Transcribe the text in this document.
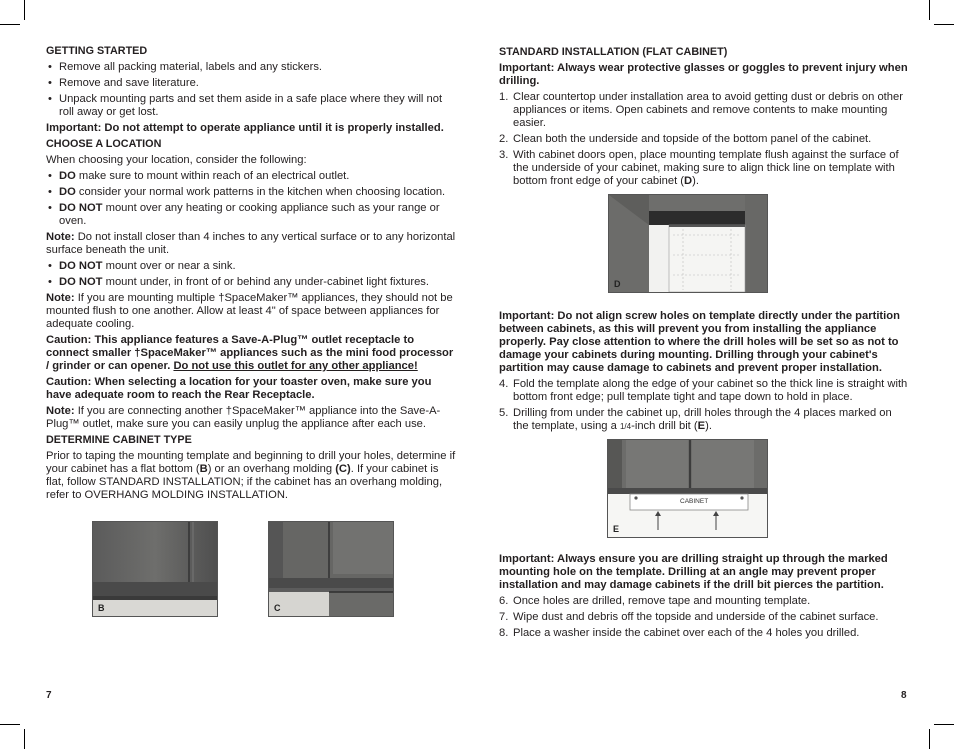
GETTING STARTED
• Remove all packing material, labels and any stickers.
• Remove and save literature.
• Unpack mounting parts and set them aside in a safe place where they will not roll away or get lost.

Important: Do not attempt to operate appliance until it is properly installed.

CHOOSE A LOCATION

When choosing your location, consider the following:

• DO make sure to mount within reach of an electrical outlet.
• DO consider your normal work patterns in the kitchen when choosing location.
• DO NOT mount over any heating or cooking appliance such as your range or oven.

Note: Do not install closer than 4 inches to any vertical surface or to any horizontal surface beneath the unit.

• DO NOT mount over or near a sink.
• DO NOT mount under, in front of or behind any under-cabinet light fixtures.

Note: If you are mounting multiple †SpaceMaker™ appliances, they should not be mounted flush to one another. Allow at least 4" of space between appliances for adequate cooling.

Caution: This appliance features a Save-A-Plug™ outlet receptacle to connect smaller †SpaceMaker™ appliances such as the mini food processor / grinder or can opener. Do not use this outlet for any other appliance!

Caution: When selecting a location for your toaster oven, make sure you have adequate room to reach the Rear Receptacle.

Note: If you are connecting another †SpaceMaker™ appliance into the Save-A-Plug™ outlet, make sure you can easily unplug the appliance after each use.

DETERMINE CABINET TYPE

Prior to taping the mounting template and beginning to drill your holes, determine if your cabinet has a flat bottom (B) or an overhang molding (C). If your cabinet is flat, follow STANDARD INSTALLATION; if the cabinet has an overhang molding, refer to OVERHANG MOLDING INSTALLATION.

B	C
7
STANDARD INSTALLATION (FLAT CABINET)

Important: Always wear protective glasses or goggles to prevent injury when drilling.

1. Clear countertop under installation area to avoid getting dust or debris on other appliances or items. Open cabinets and remove contents to make mounting easier.
2. Clean both the underside and topside of the bottom panel of the cabinet.
3. With cabinet doors open, place mounting template flush against the surface of the underside of your cabinet, making sure to align thick line on template with bottom front edge of your cabinet (D).
D

Important: Do not align screw holes on template directly under the partition between cabinets, as this will prevent you from installing the appliance properly. Pay close attention to where the drill holes will be set so as not to damage your cabinets during mounting. Drilling through your cabinet's partition may cause damage to cabinets and prevent proper installation.

4. Fold the template along the edge of your cabinet so the thick line is straight with bottom front edge; pull template tight and tape down to hold in place.
5. Drilling from under the cabinet up, drill holes through the 4 places marked on the template, using a 1/4-inch drill bit (E).
CABINET
E

Important: Always ensure you are drilling straight up through the marked mounting hole on the template. Drilling at an angle may prevent proper installation and may damage cabinets if the drill bit pierces the partition.

6. Once holes are drilled, remove tape and mounting template.
7. Wipe dust and debris off the topside and underside of the cabinet surface.
8. Place a washer inside the cabinet over each of the 4 holes you drilled.
8
